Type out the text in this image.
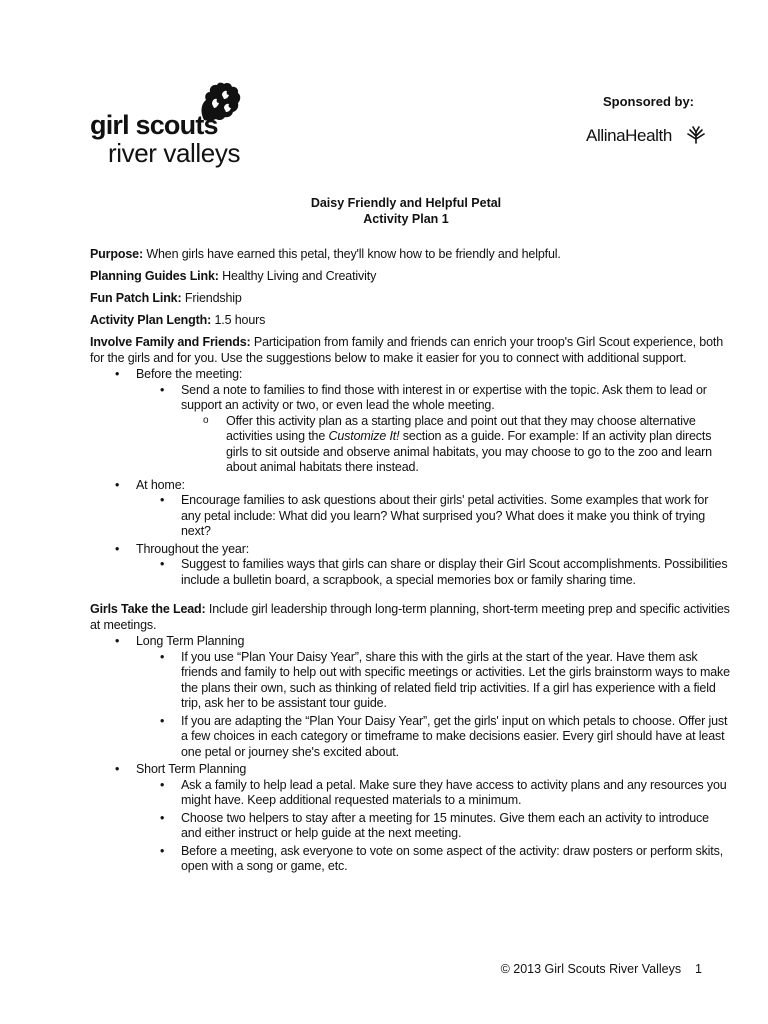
girl scouts
river valleys
Sponsored by:
AllinaHealth
Daisy Friendly and Helpful Petal
Activity Plan 1

Purpose: When girls have earned this petal, they'll know how to be friendly and helpful.

Planning Guides Link: Healthy Living and Creativity

Fun Patch Link: Friendship

Activity Plan Length: 1.5 hours

Involve Family and Friends: Participation from family and friends can enrich your troop's Girl Scout experience, both for the girls and for you. Use the suggestions below to make it easier for you to connect with additional support.

• Before the meeting:
• Send a note to families to find those with interest in or expertise with the topic. Ask them to lead or support an activity or two, or even lead the whole meeting.
o Offer this activity plan as a starting place and point out that they may choose alternative activities using the Customize It! section as a guide. For example: If an activity plan directs girls to sit outside and observe animal habitats, you may choose to go to the zoo and learn about animal habitats there instead.
• At home:
• Encourage families to ask questions about their girls' petal activities. Some examples that work for any petal include: What did you learn? What surprised you? What does it make you think of trying next?
• Throughout the year:
• Suggest to families ways that girls can share or display their Girl Scout accomplishments. Possibilities include a bulletin board, a scrapbook, a special memories box or family sharing time.

Girls Take the Lead: Include girl leadership through long-term planning, short-term meeting prep and specific activities at meetings.

• Long Term Planning
• If you use “Plan Your Daisy Year”, share this with the girls at the start of the year. Have them ask friends and family to help out with specific meetings or activities. Let the girls brainstorm ways to make the plans their own, such as thinking of related field trip activities. If a girl has experience with a field trip, ask her to be assistant tour guide.
• If you are adapting the “Plan Your Daisy Year”, get the girls' input on which petals to choose. Offer just a few choices in each category or timeframe to make decisions easier. Every girl should have at least one petal or journey she's excited about.
• Short Term Planning
• Ask a family to help lead a petal. Make sure they have access to activity plans and any resources you might have. Keep additional requested materials to a minimum.
• Choose two helpers to stay after a meeting for 15 minutes. Give them each an activity to introduce and either instruct or help guide at the next meeting.
• Before a meeting, ask everyone to vote on some aspect of the activity: draw posters or perform skits, open with a song or game, etc.
© 2013 Girl Scouts River Valleys 1
